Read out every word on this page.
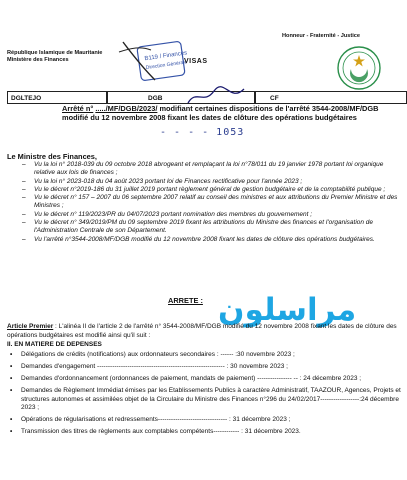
République Islamique de Mauritanie
Ministère des Finances
Honneur - Fraternité - Justice
B119 / Finances
Direction Générale
VISAS
DGLTEJO	DGB	CF
Arrêté n° ...../MF/DGB/2023/ modifiant certaines dispositions de l'arrêté 3544-2008/MF/DGB modifié du 12 novembre 2008 fixant les dates de clôture des opérations budgétaires
- - - - 1053
Le Ministre des Finances,
– Vu la loi n° 2018-039 du 09 octobre 2018 abrogeant et remplaçant la loi n°78/011 du 19 janvier 1978 portant loi organique relative aux lois de finances ;
– Vu la loi n° 2023-018 du 04 août 2023 portant loi de Finances rectificative pour l'année 2023 ;
– Vu le décret n°2019-186 du 31 juillet 2019 portant règlement général de gestion budgétaire et de la comptabilité publique ;
– Vu le décret n° 157 – 2007 du 06 septembre 2007 relatif au conseil des ministres et aux attributions du Premier Ministre et des Ministres ;
– Vu le décret n° 119/2023/PR du 04/07/2023 portant nomination des membres du gouvernement ;
– Vu le décret n° 349/2019/PM du 09 septembre 2019 fixant les attributions du Ministre des finances et l'organisation de l'Administration Centrale de son Département.
– Vu l'arrêté n°3544-2008/MF/DGB modifié du 12 novembre 2008 fixant les dates de clôture des opérations budgétaires.
ARRETE : مراسلون
Article Premier : L'alinéa II de l'article 2 de l'arrêté n° 3544-2008/MF/DGB modifié du 12 novembre 2008 fixant les dates de clôture des opérations budgétaires est modifié ainsi qu'il suit :
II. EN MATIERE DE DEPENSES
• Délégations de crédits (notifications) aux ordonnateurs secondaires : ------ :30 novembre 2023 ;
• Demandes d'engagement ----------------------------------------------------------- : 30 novembre 2023 ;
• Demandes d'ordonnancement (ordonnances de paiement, mandats de paiement) ---------------- -- : 24 décembre 2023 ;
• Demandes de Règlement Immédiat émises par les Etablissements Publics à caractère Administratif, TAAZOUR, Agences, Projets et structures autonomes et assimilées objet de la Circulaire du Ministre des Finances n°296 du 24/02/2017------------------:24 décembre 2023 ;
• Opérations de régularisations et redressements-------------------------------- : 31 décembre 2023 ;
• Transmission des titres de règlements aux comptables compétents------------ : 31 décembre 2023.
